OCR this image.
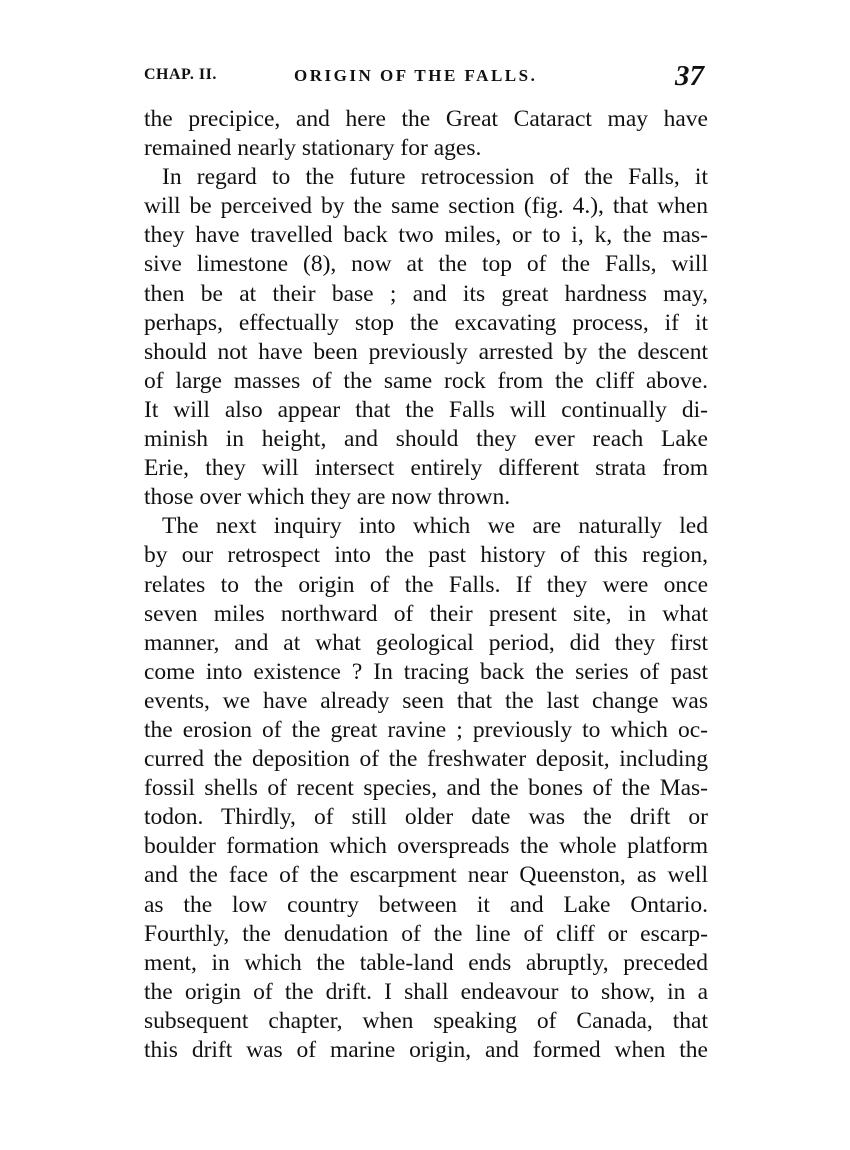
CHAP. II.	ORIGIN OF THE FALLS.	37
the precipice, and here the Great Cataract may have
remained nearly stationary for ages.
In regard to the future retrocession of the Falls, it
will be perceived by the same section (fig. 4.), that when
they have travelled back two miles, or to i, k, the mas-
sive limestone (8), now at the top of the Falls, will
then be at their base ; and its great hardness may,
perhaps, effectually stop the excavating process, if it
should not have been previously arrested by the descent
of large masses of the same rock from the cliff above.
It will also appear that the Falls will continually di-
minish in height, and should they ever reach Lake
Erie, they will intersect entirely different strata from
those over which they are now thrown.
The next inquiry into which we are naturally led
by our retrospect into the past history of this region,
relates to the origin of the Falls. If they were once
seven miles northward of their present site, in what
manner, and at what geological period, did they first
come into existence ? In tracing back the series of past
events, we have already seen that the last change was
the erosion of the great ravine ; previously to which oc-
curred the deposition of the freshwater deposit, including
fossil shells of recent species, and the bones of the Mas-
todon. Thirdly, of still older date was the drift or
boulder formation which overspreads the whole platform
and the face of the escarpment near Queenston, as well
as the low country between it and Lake Ontario.
Fourthly, the denudation of the line of cliff or escarp-
ment, in which the table-land ends abruptly, preceded
the origin of the drift. I shall endeavour to show, in a
subsequent chapter, when speaking of Canada, that
this drift was of marine origin, and formed when the
